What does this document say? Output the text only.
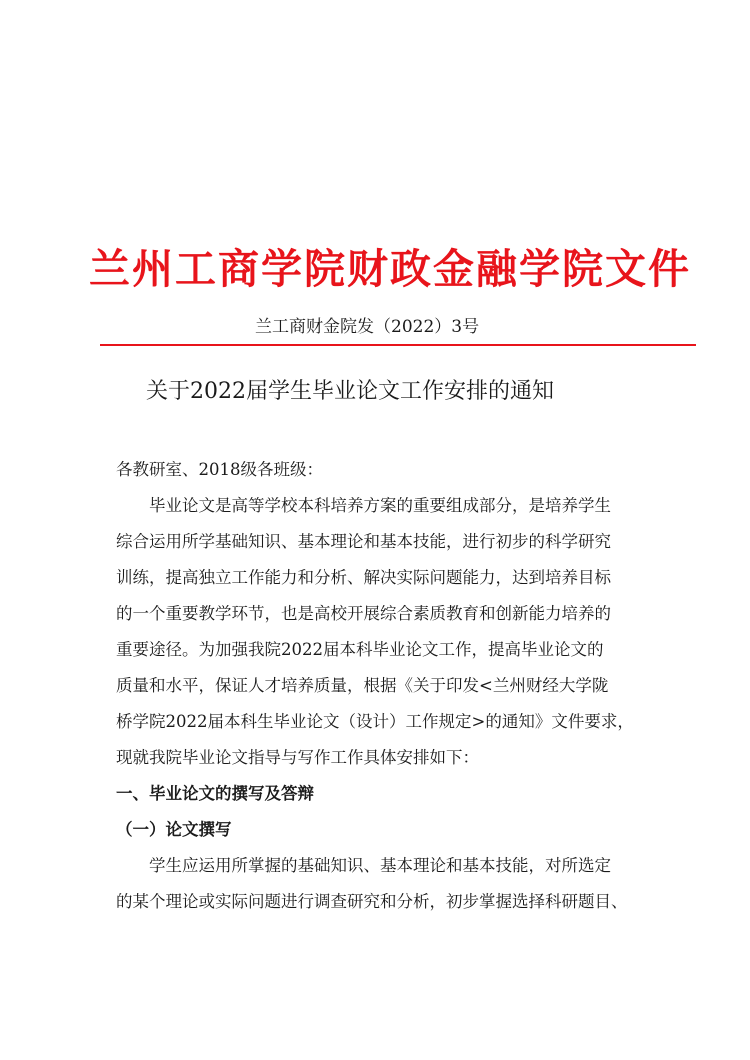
兰州工商学院财政金融学院文件
兰工商财金院发（2022）3号
关于2022届学生毕业论文工作安排的通知
各教研室、2018级各班级：
毕业论文是高等学校本科培养方案的重要组成部分，是培养学生
综合运用所学基础知识、基本理论和基本技能，进行初步的科学研究
训练，提高独立工作能力和分析、解决实际问题能力，达到培养目标
的一个重要教学环节，也是高校开展综合素质教育和创新能力培养的
重要途径。为加强我院2022届本科毕业论文工作，提高毕业论文的
质量和水平，保证人才培养质量，根据《关于印发<兰州财经大学陇
桥学院2022届本科生毕业论文（设计）工作规定>的通知》文件要求，
现就我院毕业论文指导与写作工作具体安排如下：
一、毕业论文的撰写及答辩
（一）论文撰写
学生应运用所掌握的基础知识、基本理论和基本技能，对所选定
的某个理论或实际问题进行调查研究和分析，初步掌握选择科研题目、
